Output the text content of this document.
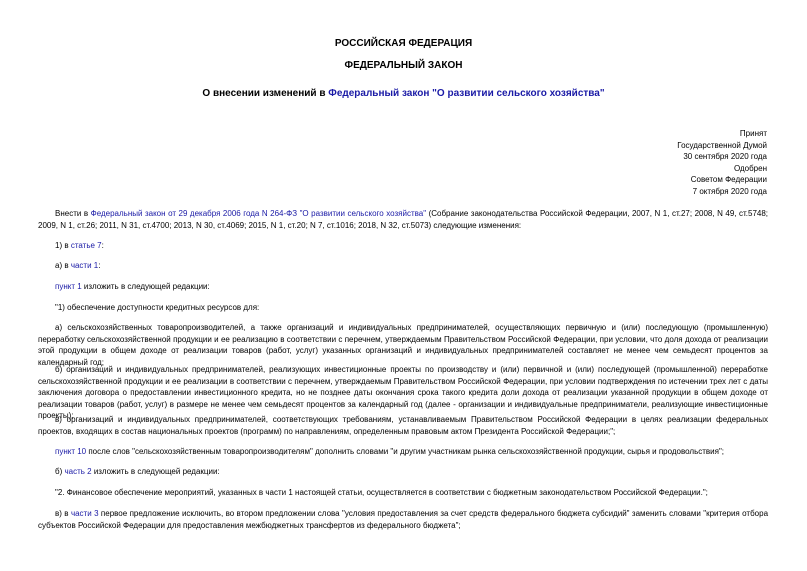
РОССИЙСКАЯ ФЕДЕРАЦИЯ
ФЕДЕРАЛЬНЫЙ ЗАКОН
О внесении изменений в Федеральный закон "О развитии сельского хозяйства"
Принят
Государственной Думой
30 сентября 2020 года
Одобрен
Советом Федерации
7 октября 2020 года
Внести в Федеральный закон от 29 декабря 2006 года N 264-ФЗ "О развитии сельского хозяйства" (Собрание законодательства Российской Федерации, 2007, N 1, ст.27; 2008, N 49, ст.5748; 2009, N 1, ст.26; 2011, N 31, ст.4700; 2013, N 30, ст.4069; 2015, N 1, ст.20; N 7, ст.1016; 2018, N 32, ст.5073) следующие изменения:
1) в статье 7:
а) в части 1:
пункт 1 изложить в следующей редакции:
"1) обеспечение доступности кредитных ресурсов для:
а) сельскохозяйственных товаропроизводителей, а также организаций и индивидуальных предпринимателей, осуществляющих первичную и (или) последующую (промышленную) переработку сельскохозяйственной продукции и ее реализацию в соответствии с перечнем, утверждаемым Правительством Российской Федерации, при условии, что доля дохода от реализации этой продукции в общем доходе от реализации товаров (работ, услуг) указанных организаций и индивидуальных предпринимателей составляет не менее чем семьдесят процентов за календарный год;
б) организаций и индивидуальных предпринимателей, реализующих инвестиционные проекты по производству и (или) первичной и (или) последующей (промышленной) переработке сельскохозяйственной продукции и ее реализации в соответствии с перечнем, утверждаемым Правительством Российской Федерации, при условии подтверждения по истечении трех лет с даты заключения договора о предоставлении инвестиционного кредита, но не позднее даты окончания срока такого кредита доли дохода от реализации указанной продукции в общем доходе от реализации товаров (работ, услуг) в размере не менее чем семьдесят процентов за календарный год (далее - организации и индивидуальные предприниматели, реализующие инвестиционные проекты);
в) организаций и индивидуальных предпринимателей, соответствующих требованиям, устанавливаемым Правительством Российской Федерации в целях реализации федеральных проектов, входящих в состав национальных проектов (программ) по направлениям, определенным правовым актом Президента Российской Федерации;";
пункт 10 после слов "сельскохозяйственным товаропроизводителям" дополнить словами "и другим участникам рынка сельскохозяйственной продукции, сырья и продовольствия";
б) часть 2 изложить в следующей редакции:
"2. Финансовое обеспечение мероприятий, указанных в части 1 настоящей статьи, осуществляется в соответствии с бюджетным законодательством Российской Федерации.";
в) в части 3 первое предложение исключить, во втором предложении слова "условия предоставления за счет средств федерального бюджета субсидий" заменить словами "критерия отбора субъектов Российской Федерации для предоставления межбюджетных трансфертов из федерального бюджета";
